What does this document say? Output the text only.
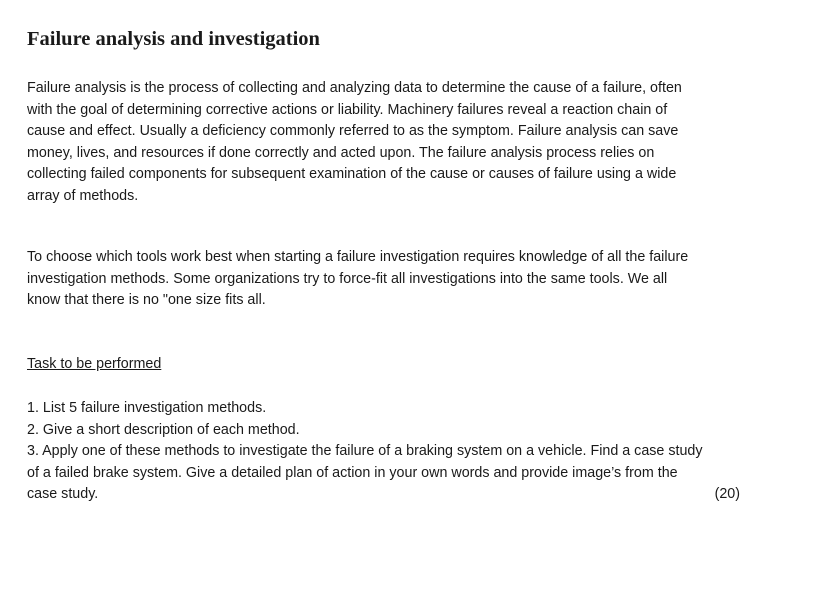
Failure analysis and investigation
Failure analysis is the process of collecting and analyzing data to determine the cause of a failure, often
with the goal of determining corrective actions or liability. Machinery failures reveal a reaction chain of
cause and effect. Usually a deficiency commonly referred to as the symptom. Failure analysis can save
money, lives, and resources if done correctly and acted upon. The failure analysis process relies on
collecting failed components for subsequent examination of the cause or causes of failure using a wide
array of methods.
To choose which tools work best when starting a failure investigation requires knowledge of all the failure
investigation methods. Some organizations try to force-fit all investigations into the same tools. We all
know that there is no "one size fits all.
Task to be performed
1. List 5 failure investigation methods.
2. Give a short description of each method.
3. Apply one of these methods to investigate the failure of a braking system on a vehicle. Find a case study
of a failed brake system. Give a detailed plan of action in your own words and provide image’s from the
case study.	(20)
